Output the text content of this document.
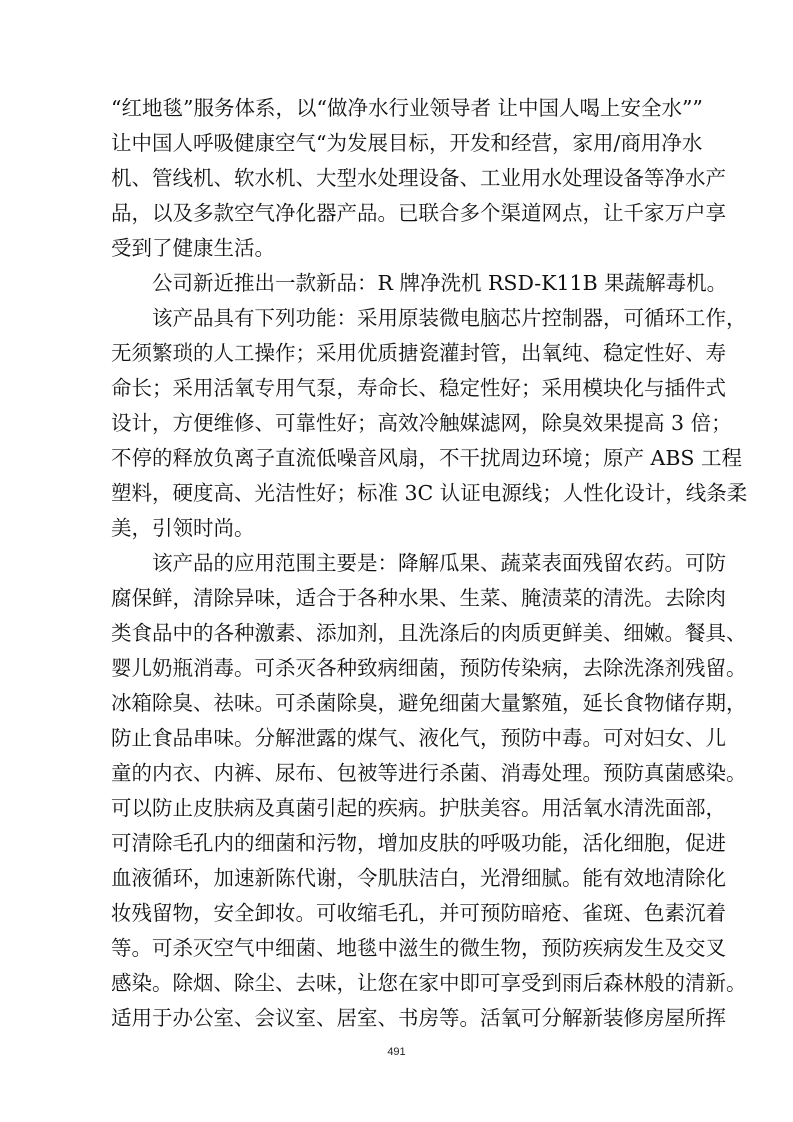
“红地毯”服务体系，以“做净水行业领导者 让中国人喝上安全水””
让中国人呼吸健康空气“为发展目标，开发和经营，家用/商用净水
机、管线机、软水机、大型水处理设备、工业用水处理设备等净水产
品，以及多款空气净化器产品。已联合多个渠道网点，让千家万户享
受到了健康生活。
公司新近推出一款新品：R 牌净洗机 RSD-K11B 果蔬解毒机。
该产品具有下列功能：采用原装微电脑芯片控制器，可循环工作，
无须繁琐的人工操作；采用优质搪瓷灌封管，出氧纯、稳定性好、寿
命长；采用活氧专用气泵，寿命长、稳定性好；采用模块化与插件式
设计，方便维修、可靠性好；高效冷触媒滤网，除臭效果提高 3 倍；
不停的释放负离子直流低噪音风扇，不干扰周边环境；原产 ABS 工程
塑料，硬度高、光洁性好；标准 3C 认证电源线；人性化设计，线条柔
美，引领时尚。
该产品的应用范围主要是：降解瓜果、蔬菜表面残留农药。可防
腐保鲜，清除异味，适合于各种水果、生菜、腌渍菜的清洗。去除肉
类食品中的各种激素、添加剂，且洗涤后的肉质更鲜美、细嫩。餐具、
婴儿奶瓶消毒。可杀灭各种致病细菌，预防传染病，去除洗涤剂残留。
冰箱除臭、祛味。可杀菌除臭，避免细菌大量繁殖，延长食物储存期，
防止食品串味。分解泄露的煤气、液化气，预防中毒。可对妇女、儿
童的内衣、内裤、尿布、包被等进行杀菌、消毒处理。预防真菌感染。
可以防止皮肤病及真菌引起的疾病。护肤美容。用活氧水清洗面部，
可清除毛孔内的细菌和污物，增加皮肤的呼吸功能，活化细胞，促进
血液循环，加速新陈代谢，令肌肤洁白，光滑细腻。能有效地清除化
妆残留物，安全卸妆。可收缩毛孔，并可预防暗疮、雀斑、色素沉着
等。可杀灭空气中细菌、地毯中滋生的微生物，预防疾病发生及交叉
感染。除烟、除尘、去味，让您在家中即可享受到雨后森林般的清新。
适用于办公室、会议室、居室、书房等。活氧可分解新装修房屋所挥
491
